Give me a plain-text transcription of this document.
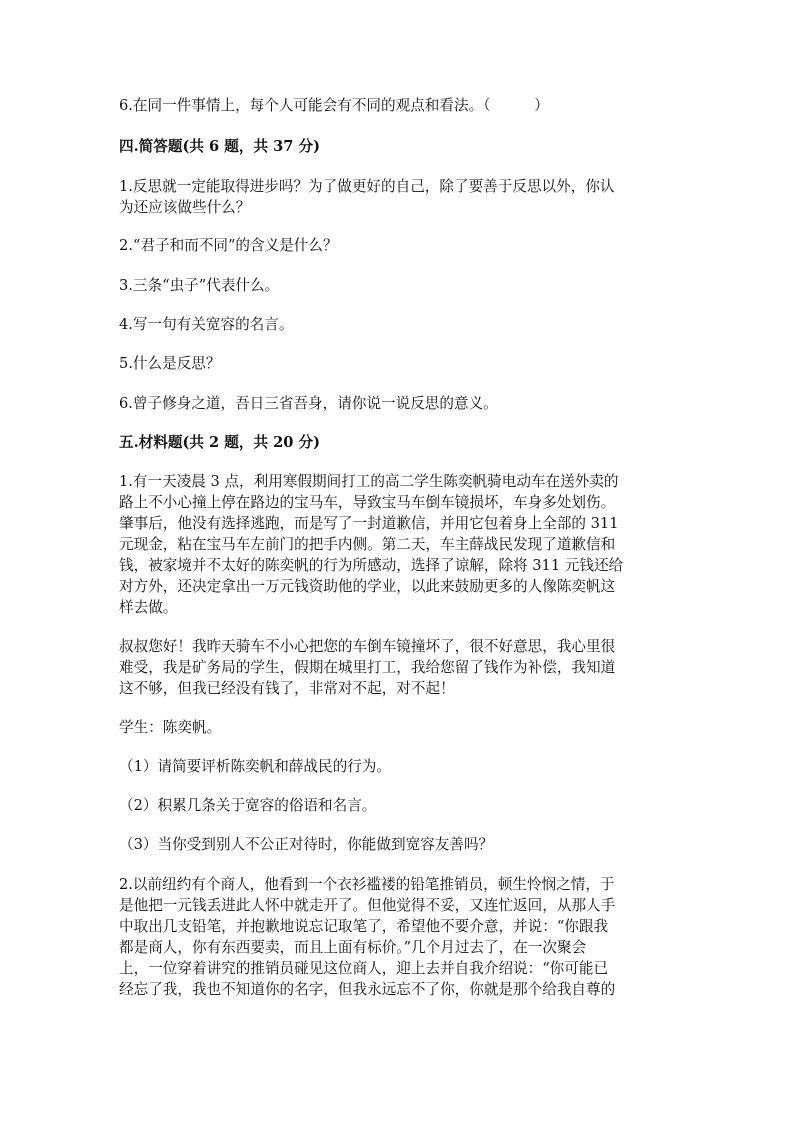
6.在同一件事情上，每个人可能会有不同的观点和看法。（　　　）

四.简答题(共 6 题，共 37 分)

1.反思就一定能取得进步吗？为了做更好的自己，除了要善于反思以外，你认

为还应该做些什么？

2.“君子和而不同”的含义是什么？

3.三条“虫子”代表什么。

4.写一句有关宽容的名言。

5.什么是反思？

6.曾子修身之道，吾日三省吾身，请你说一说反思的意义。

五.材料题(共 2 题，共 20 分)

1.有一天凌晨 3 点，利用寒假期间打工的高二学生陈奕帆骑电动车在送外卖的

路上不小心撞上停在路边的宝马车，导致宝马车倒车镜损坏，车身多处划伤。

肇事后，他没有选择逃跑，而是写了一封道歉信，并用它包着身上全部的 311

元现金，粘在宝马车左前门的把手内侧。第二天，车主薛战民发现了道歉信和

钱，被家境并不太好的陈奕帆的行为所感动，选择了谅解，除将 311 元钱还给

对方外，还决定拿出一万元钱资助他的学业，以此来鼓励更多的人像陈奕帆这

样去做。

叔叔您好！我昨天骑车不小心把您的车倒车镜撞坏了，很不好意思，我心里很

难受，我是矿务局的学生，假期在城里打工，我给您留了钱作为补偿，我知道

这不够，但我已经没有钱了，非常对不起，对不起！

学生：陈奕帆。

（1）请简要评析陈奕帆和薛战民的行为。

（2）积累几条关于宽容的俗语和名言。

（3）当你受到别人不公正对待时，你能做到宽容友善吗？

2.以前纽约有个商人，他看到一个衣衫褴褛的铅笔推销员，顿生怜悯之情，于

是他把一元钱丢进此人怀中就走开了。但他觉得不妥，又连忙返回，从那人手

中取出几支铅笔，并抱歉地说忘记取笔了，希望他不要介意，并说：“你跟我

都是商人，你有东西要卖，而且上面有标价。”几个月过去了，在一次聚会

上，一位穿着讲究的推销员碰见这位商人，迎上去并自我介绍说：“你可能已

经忘了我，我也不知道你的名字，但我永远忘不了你，你就是那个给我自尊的
